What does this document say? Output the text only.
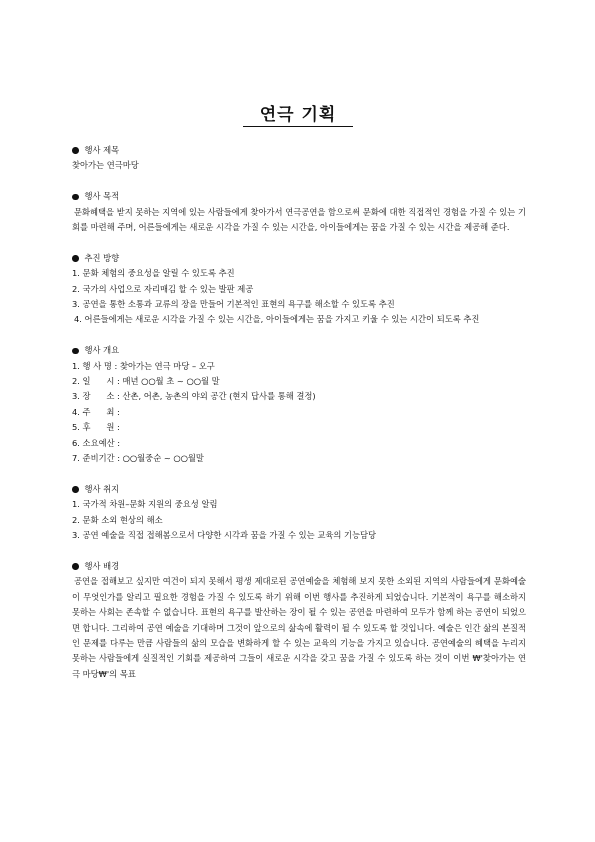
연극 기획
행사 제목
찾아가는 연극마당
행사 목적
문화혜택을 받지 못하는 지역에 있는 사람들에게 찾아가서 연극공연을 함으로써 문화에 대한 직접적인 경험을 가질 수 있는 기회를 마련해 주며, 어른들에게는 새로운 시각을 가질 수 있는 시간을, 아이들에게는 꿈을 가질 수 있는 시간을 제공해 준다.
추진 방향
1. 문화 체험의 중요성을 알릴 수 있도록 추진
2. 국가의 사업으로 자리매김 할 수 있는 발판 제공
3. 공연을 통한 소통과 교류의 장을 만들어 기본적인 표현의 욕구를 해소할 수 있도록 추진
4. 어른들에게는 새로운 시각을 가질 수 있는 시간을, 아이들에게는 꿈을 가지고 키울 수 있는 시간이 되도록 추진
행사 개요
1. 행 사 명 : 찾아가는 연극 마당 – 오구
2. 일      시 : 매년 ○○월 초 ~ ○○월 말
3. 장      소 : 산촌, 어촌, 농촌의 야외 공간 (현지 답사를 통해 결정)
4. 주      최 :
5. 후      원 :
6. 소요예산 :
7. 준비기간 : ○○월중순 ~ ○○월말
행사 취지
1. 국가적 차원–문화 지원의 중요성 알림
2. 문화 소외 현상의 해소
3. 공연 예술을 직접 접해봄으로서 다양한 시각과 꿈을 가질 수 있는 교육의 기능담당
행사 배경
공연을 접해보고 싶지만 여건이 되지 못해서 평생 제대로된 공연예술을 체험해 보지 못한 소외된 지역의 사람들에게 문화예술이 무엇인가를 알리고 필요한 경험을 가질 수 있도록 하기 위해 이번 행사를 추진하게 되었습니다. 기본적이 욕구를 해소하지 못하는 사회는 존속할 수 없습니다. 표현의 욕구를 발산하는 장이 될 수 있는 공연을 마련하여 모두가 함께 하는 공연이 되었으면 합니다. 그리하여 공연 예술을 기대하며 그것이 앞으로의 삶속에 활력이 될 수 있도록 할 것입니다. 예술은 인간 삶의 본질적인 문제를 다루는 만큼 사람들의 삶의 모습을 변화하게 할 수 있는 교육의 기능을 가지고 있습니다. 공연예술의 혜택을 누리지 못하는 사람들에게 실질적인 기회를 제공하여 그들이 새로운 시각을 갖고 꿈을 가질 수 있도록 하는 것이 이번 ₩'찾아가는 연극 마당₩'의 목표
